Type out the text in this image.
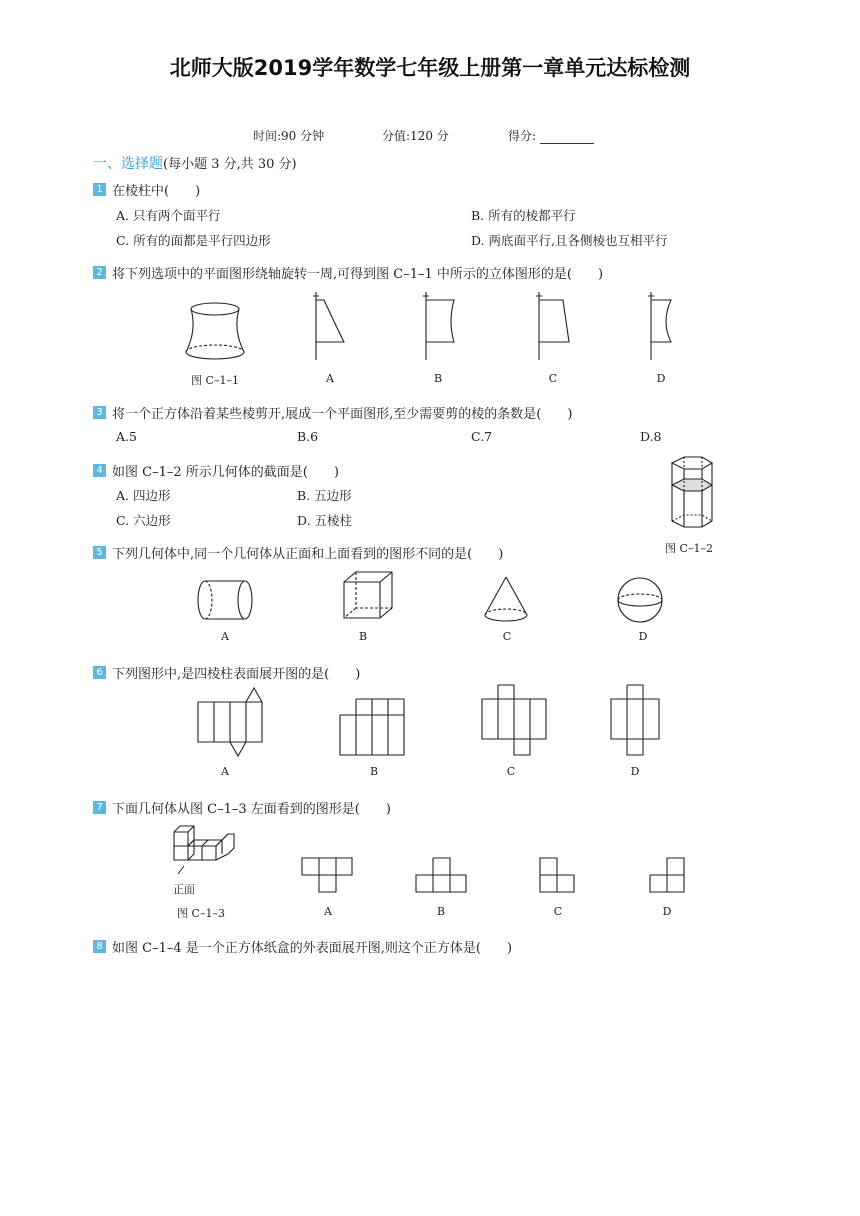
北师大版2019学年数学七年级上册第一章单元达标检测
时间:90 分钟	分值:120 分	得分:
一、选择题(每小题 3 分,共 30 分)
1 在棱柱中(　　)
A. 只有两个面平行	B. 所有的棱都平行
C. 所有的面都是平行四边形	D. 两底面平行,且各侧棱也互相平行
2 将下列选项中的平面图形绕轴旋转一周,可得到图 C–1–1 中所示的立体图形的是(　　)
图 C–1–1	A	B	C	D
3 将一个正方体沿着某些棱剪开,展成一个平面图形,至少需要剪的棱的条数是(　　)
A.5	B.6	C.7	D.8
4 如图 C–1–2 所示几何体的截面是(　　)
A. 四边形	B. 五边形
C. 六边形	D. 五棱柱
图 C–1–2
5 下列几何体中,同一个几何体从正面和上面看到的图形不同的是(　　)
A	B	C	D
6 下列图形中,是四棱柱表面展开图的是(　　)
A	B	C	D
7 下面几何体从图 C–1–3 左面看到的图形是(　　)
正面
图 C–1–3	A	B	C	D
8 如图 C–1–4 是一个正方体纸盒的外表面展开图,则这个正方体是(　　)
